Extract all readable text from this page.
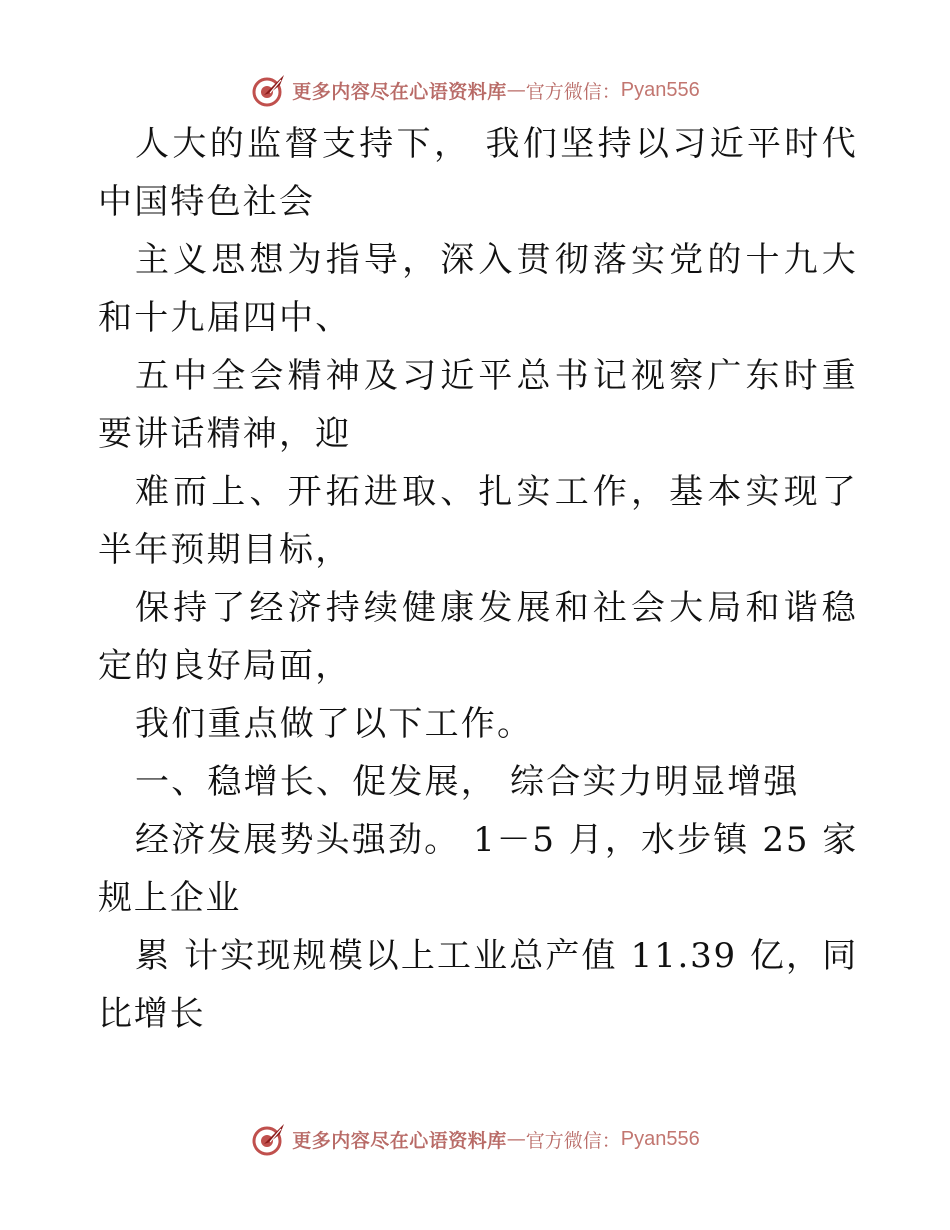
更多内容尽在心语资料库 — 官方微信： Pyan556

人大的监督支持下， 我们坚持以习近平时代中国特色社会

主义思想为指导，深入贯彻落实党的十九大和十九届四中、

五中全会精神及习近平总书记视察广东时重要讲话精神，迎

难而上、开拓进取、扎实工作，基本实现了半年预期目标，

保持了经济持续健康发展和社会大局和谐稳定的良好局面，

我们重点做了以下工作。

一、稳增长、促发展， 综合实力明显增强

经济发展势头强劲。 1－5 月，水步镇 25 家规上企业

累 计实现规模以上工业总产值 11.39 亿，同比增长

更多内容尽在心语资料库 — 官方微信： Pyan556
